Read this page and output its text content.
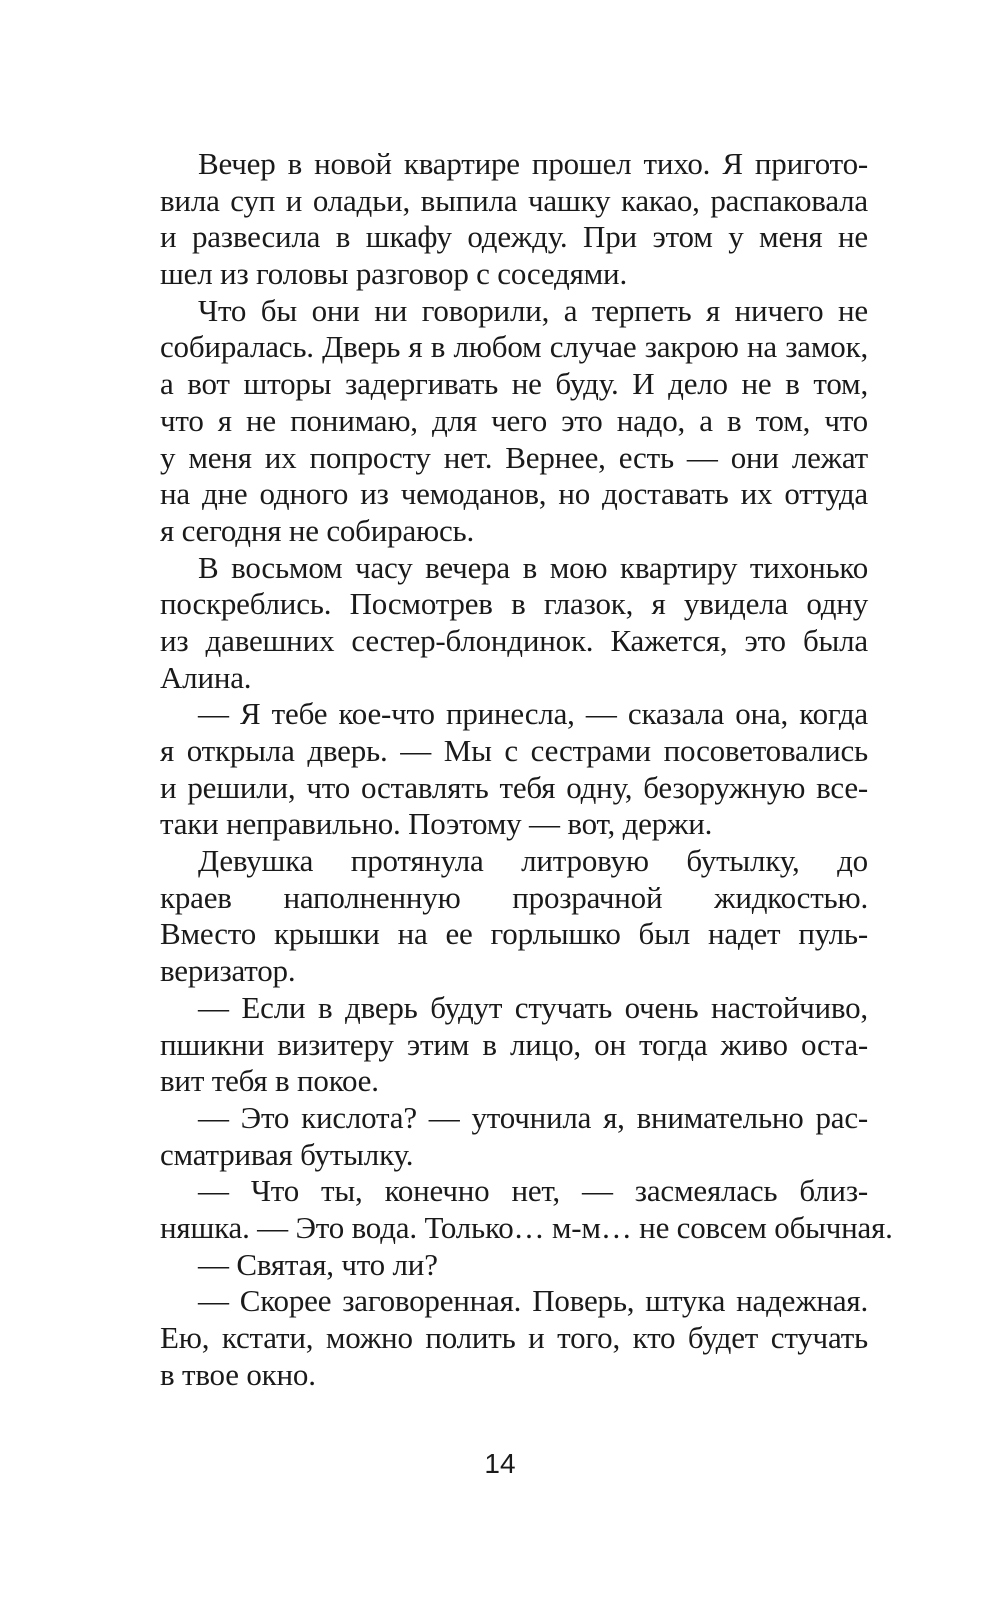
Вечер в новой квартире прошел тихо. Я пригото-
вила суп и оладьи, выпила чашку какао, распаковала
и развесила в шкафу одежду. При этом у меня не
шел из головы разговор с соседями.
Что бы они ни говорили, а терпеть я ничего не
собиралась. Дверь я в любом случае закрою на замок,
а вот шторы задергивать не буду. И дело не в том,
что я не понимаю, для чего это надо, а в том, что
у меня их попросту нет. Вернее, есть — они лежат
на дне одного из чемоданов, но доставать их оттуда
я сегодня не собираюсь.
В восьмом часу вечера в мою квартиру тихонько
поскреблись. Посмотрев в глазок, я увидела одну
из давешних сестер-блондинок. Кажется, это была
Алина.
— Я тебе кое-что принесла, — сказала она, когда
я открыла дверь. — Мы с сестрами посоветовались
и решили, что оставлять тебя одну, безоружную все-
таки неправильно. Поэтому — вот, держи.
Девушка протянула литровую бутылку, до
краев наполненную прозрачной жидкостью.
Вместо крышки на ее горлышко был надет пуль-
веризатор.
— Если в дверь будут стучать очень настойчиво,
пшикни визитеру этим в лицо, он тогда живо оста-
вит тебя в покое.
— Это кислота? — уточнила я, внимательно рас-
сматривая бутылку.
— Что ты, конечно нет, — засмеялась близ-
няшка. — Это вода. Только… м-м… не совсем обычная.
— Святая, что ли?
— Скорее заговоренная. Поверь, штука надежная.
Ею, кстати, можно полить и того, кто будет стучать
в твое окно.
14
